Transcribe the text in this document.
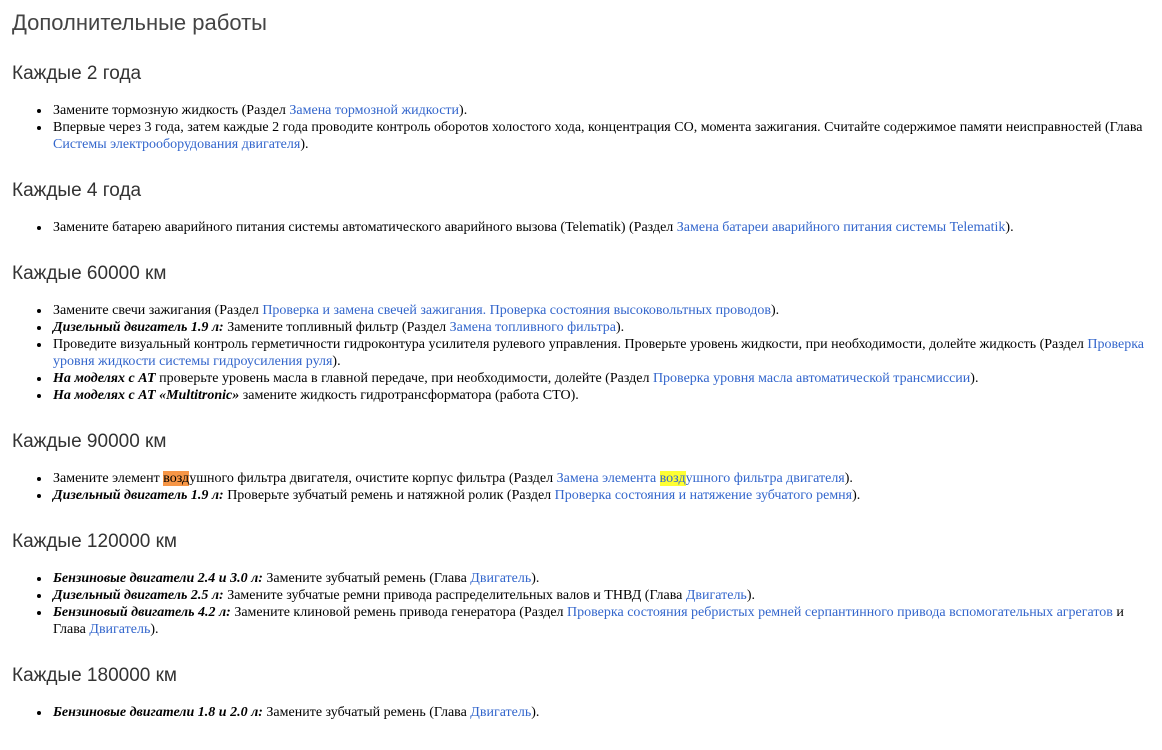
Дополнительные работы
Каждые 2 года
Замените тормозную жидкость (Раздел Замена тормозной жидкости).
Впервые через 3 года, затем каждые 2 года проводите контроль оборотов холостого хода, концентрация CO, момента зажигания. Считайте содержимое памяти неисправностей (Глава Системы электрооборудования двигателя).
Каждые 4 года
Замените батарею аварийного питания системы автоматического аварийного вызова (Telematik) (Раздел Замена батареи аварийного питания системы Telematik).
Каждые 60000 км
Замените свечи зажигания (Раздел Проверка и замена свечей зажигания. Проверка состояния высоковольтных проводов).
Дизельный двигатель 1.9 л: Замените топливный фильтр (Раздел Замена топливного фильтра).
Проведите визуальный контроль герметичности гидроконтура усилителя рулевого управления. Проверьте уровень жидкости, при необходимости, долейте жидкость (Раздел Проверка уровня жидкости системы гидроусиления руля).
На моделях с АТ проверьте уровень масла в главной передаче, при необходимости, долейте (Раздел Проверка уровня масла автоматической трансмиссии).
На моделях с АТ «Multitronic» замените жидкость гидротрансформатора (работа СТО).
Каждые 90000 км
Замените элемент воздушного фильтра двигателя, очистите корпус фильтра (Раздел Замена элемента воздушного фильтра двигателя).
Дизельный двигатель 1.9 л: Проверьте зубчатый ремень и натяжной ролик (Раздел Проверка состояния и натяжение зубчатого ремня).
Каждые 120000 км
Бензиновые двигатели 2.4 и 3.0 л: Замените зубчатый ремень (Глава Двигатель).
Дизельный двигатель 2.5 л: Замените зубчатые ремни привода распределительных валов и ТНВД (Глава Двигатель).
Бензиновый двигатель 4.2 л: Замените клиновой ремень привода генератора (Раздел Проверка состояния ребристых ремней серпантинного привода вспомогательных агрегатов и Глава Двигатель).
Каждые 180000 км
Бензиновые двигатели 1.8 и 2.0 л: Замените зубчатый ремень (Глава Двигатель).
